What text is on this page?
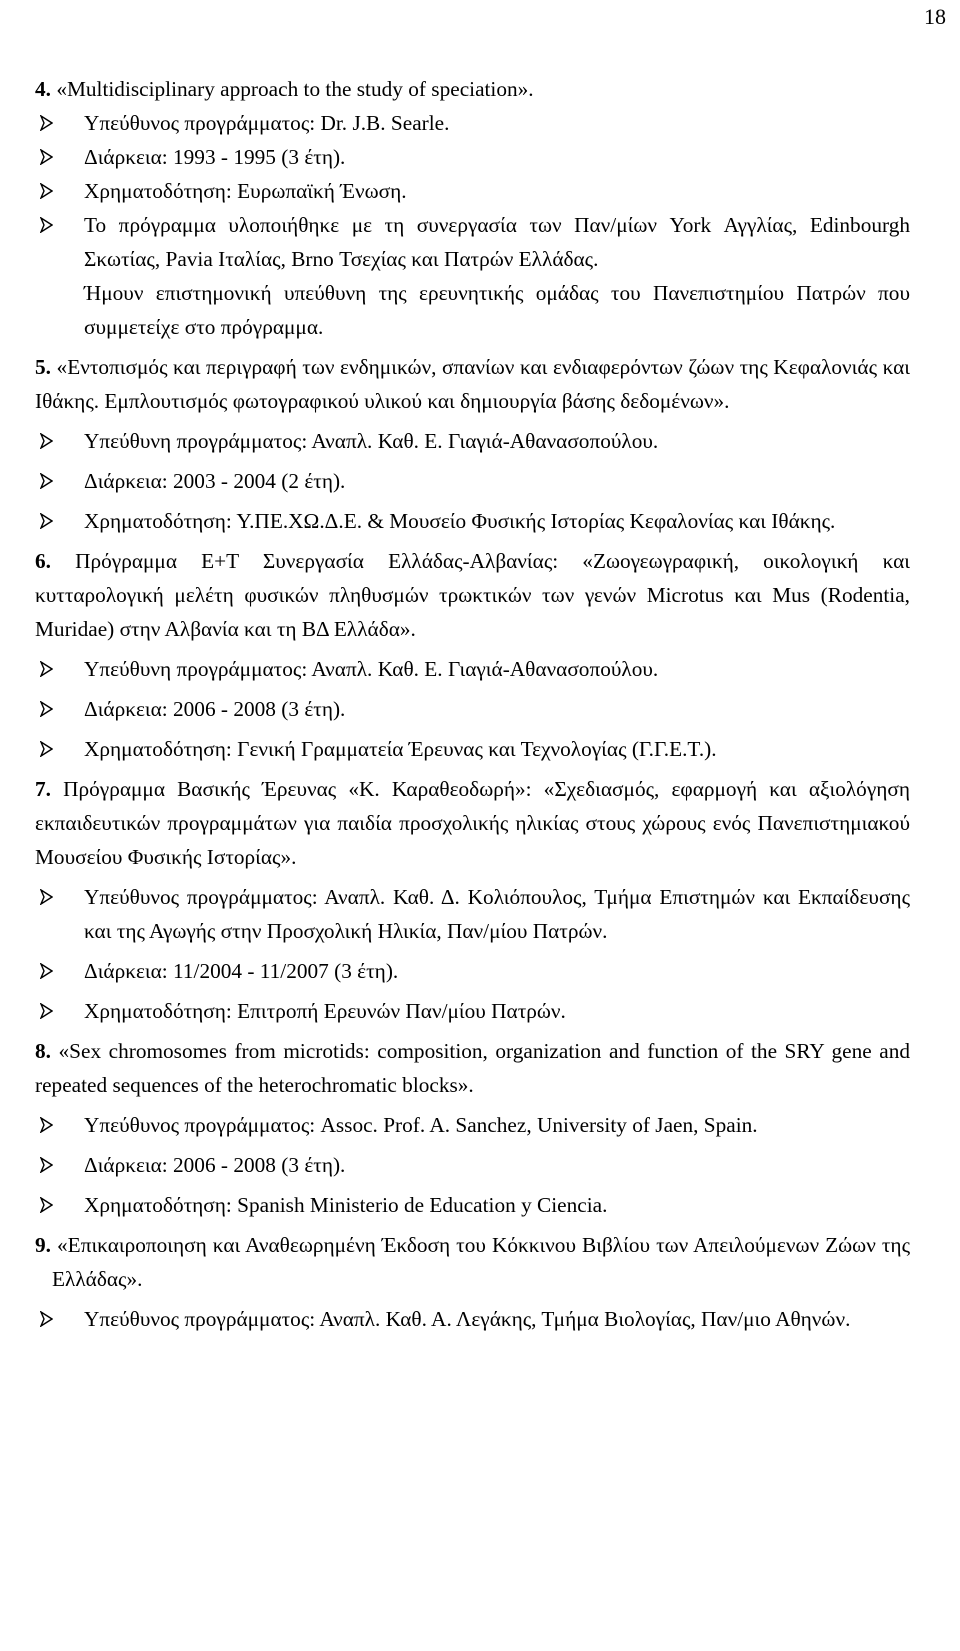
18

4. «Multidisciplinary approach to the study of speciation».

Υπεύθυνος προγράμματος: Dr. J.B. Searle.
Διάρκεια: 1993 - 1995 (3 έτη).
Χρηματοδότηση: Ευρωπαϊκή Ένωση.
Το πρόγραμμα υλοποιήθηκε με τη συνεργασία των Παν/μίων York Αγγλίας, Edinbourgh Σκωτίας, Pavia Ιταλίας, Brno Τσεχίας και Πατρών Ελλάδας.

Ήμουν επιστημονική υπεύθυνη της ερευνητικής ομάδας του Πανεπιστημίου Πατρών που συμμετείχε στο πρόγραμμα.

5. «Εντοπισμός και περιγραφή των ενδημικών, σπανίων και ενδιαφερόντων ζώων της Κεφαλονιάς και Ιθάκης. Εμπλουτισμός φωτογραφικού υλικού και δημιουργία βάσης δεδομένων».

Υπεύθυνη προγράμματος: Αναπλ. Καθ. Ε. Γιαγιά-Αθανασοπούλου.
Διάρκεια: 2003 - 2004 (2 έτη).
Χρηματοδότηση: Υ.ΠΕ.ΧΩ.Δ.Ε. & Μουσείο Φυσικής Ιστορίας Κεφαλονίας και Ιθάκης.

6. Πρόγραμμα Ε+Τ Συνεργασία Ελλάδας-Αλβανίας: «Ζωογεωγραφική, οικολογική και κυτταρολογική μελέτη φυσικών πληθυσμών τρωκτικών των γενών Microtus και Mus (Rodentia, Muridae) στην Αλβανία και τη ΒΔ Ελλάδα».

Υπεύθυνη προγράμματος: Αναπλ. Καθ. Ε. Γιαγιά-Αθανασοπούλου.
Διάρκεια: 2006 - 2008 (3 έτη).
Χρηματοδότηση: Γενική Γραμματεία Έρευνας και Τεχνολογίας (Γ.Γ.Ε.Τ.).

7. Πρόγραμμα Βασικής Έρευνας «Κ. Καραθεοδωρή»: «Σχεδιασμός, εφαρμογή και αξιολόγηση εκπαιδευτικών προγραμμάτων για παιδία προσχολικής ηλικίας στους χώρους ενός Πανεπιστημιακού Μουσείου Φυσικής Ιστορίας».

Υπεύθυνος προγράμματος: Αναπλ. Καθ. Δ. Κολιόπουλος, Τμήμα Επιστημών και Εκπαίδευσης και της Αγωγής στην Προσχολική Ηλικία, Παν/μίου Πατρών.
Διάρκεια: 11/2004 - 11/2007 (3 έτη).
Χρηματοδότηση: Επιτροπή Ερευνών Παν/μίου Πατρών.

8. «Sex chromosomes from microtids: composition, organization and function of the SRY gene and repeated sequences of the heterochromatic blocks».

Υπεύθυνος προγράμματος: Assoc. Prof. A. Sanchez, University of Jaen, Spain.
Διάρκεια: 2006 - 2008 (3 έτη).
Χρηματοδότηση: Spanish Ministerio de Education y Ciencia.

9. «Επικαιροποιηση και Αναθεωρημένη Έκδοση του Κόκκινου Βιβλίου των Απειλούμενων Ζώων της Ελλάδας».

Υπεύθυνος προγράμματος: Αναπλ. Καθ. Α. Λεγάκης, Τμήμα Βιολογίας, Παν/μιο Αθηνών.
